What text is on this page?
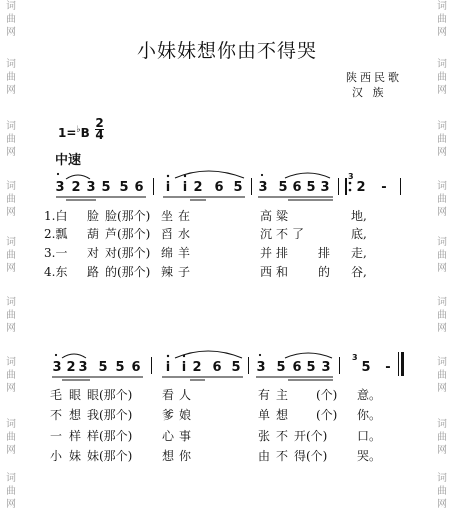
词
曲
网
词
曲
网
词
曲
网
词
曲
网
词
曲
网
词
曲
网
词
曲
网
词
曲
网
词
曲
网
词
曲
网
词
曲
网
词
曲
网
词
曲
网
词
曲
网
词
曲
网
词
曲
网
词
曲
网
词
曲
网
小妹妹想你由不得哭
陕西民歌
汉 族
1=♭B
2
4
中速
3 2 3 5 5 6 i i 2 6 5 3 5 6 5 3 2 -
1.白 脸 脸(那个) 坐 在	高 粱	地,
2.瓢 葫 芦(那个) 舀 水	沉 不 了	底,
3.一 对 对(那个) 绵 羊	并 排 排 走,
4.东 路 的(那个) 辣 子	西 和 的 谷,
3 2 3 5 5 6 i i 2 6 5 3 5 6 5 3 5 -
毛 眼 眼(那个) 看 人	有 主 (个) 意。
不 想 我(那个) 爹 娘	单 想 (个) 你。
一 样 样(那个) 心 事	张 不 开(个) 口。
小 妹 妹(那个) 想 你	由 不 得(个) 哭。
3
3
